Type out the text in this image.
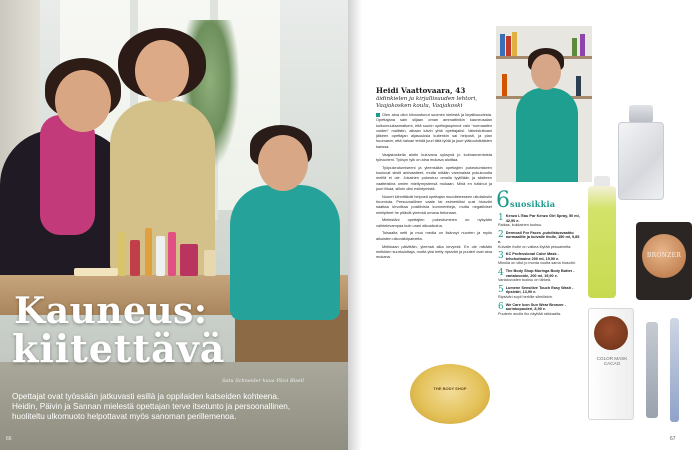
Kauneus:
kiitettävä
Satu Schneider kuva Päivi Bisell
Opettajat ovat työssään jatkuvasti esillä ja oppilaiden katseiden kohteena.
Heidin, Päivin ja Sannan mielestä opettajan terve itsetunto ja persoonallinen,
huoliteltu ulkomuoto helpottavat myös sanoman perillemenoa.
66
Heidi Vaattovaara, 43
äidinkielen ja kirjallisuuden lehtori,
Vaajakosken koulu, Vaajakoski

Olen aina ollut kiinnostunut suomen kielestä ja kirjallisuudesta. Opettajana sain siljaan oman ammattinikin kauneusalan kulkumuuksamattomi, että suurin opettajaopinnot vain “normaalien voiden” mallistin, aikaan kävin yhtä opettajaksi. Valmistuttuani jäikeen opettajan aljasuuksia kuitenkin sai helposti, ja plan huomasin, että haluan tehdä juuri tätä työtä ja juuri yläkouluikäisten kanssa.

Vaajakoskella alotin kuluvana syksynä jo kolmannentoista työvuoteni. Työsyn tyik on aina mukava aloittaa.

Työpukeutumiseeni ja yleensäkin opettajien pukeutumiseen kuuluvat siistit arkivaatteet, mutta mitään varsinaista pukukoodia meillä ei ole. Jokainen pukeutuu omalla tyylillään ja siistteen vaatteisiina omien mieltymystensä mukaan. Minä en tutkinut ja juuri liikaa, silloin olisi esiintymistä.

Nuoret kiinnittävät helposti opettajan muodisteeseen ulkoisiksiin huomiota. Persoonallinen vaate tai esimerkiksi uusi hiusväri saattaa kirvoittaa positiivisia kommentteja, mutta negatiiviset mielipiteet he pitävät yleensä omana tietonaan.

Mielestäni opettajien pukeutuminen on nykyään vaihtelevampaa kuin urani alkuaikoina.

Toisaalta netti ja muu media on lisännyt nuorten ja myös aikuisten ulkonäköpaineita.

Meikkaan päivittäin, yleensä aika kevyesti. En ole mikään meikkien suurkuluttaja, mutta yksi tietty ripsiväri ja puuteri ovat aina mukana.

6 suosikkia
1 Kenzo L'Eau Par Kenzo Girl Spray, 50 ml, 42,90 e.
Raikas, kukkainen tuoksu.
2 Dermosil For Faces -puhdistusvaahto normaalille ja kuivalle iholle, 150 ml, 9,85 e.
Kuivalle iholle on vaikea löytää pesuainetta.
3 KC Professional Color Mask -tehohoitoaine 200 ml, 19,50 e.
Minulla on ollut jo monta vuotta sama hiusväri.
4 The Body Shop Moringa Body Butter -vartalovoide, 200 ml, 19,90 e.
Vartalovoiden tuoksu on tärkeä.
5 Lumene Sensitive Touch Easy Wash -ripsiväri, 13,90 e.
Ripsiväri sopii herkille silmillekin.
6 We Care Icon Sun Wear Bronzer -aurinkopuuteri, 8,90 e.
Puuterin avulla iho näyttää raikkaalta.
BRONZER
COLOR MASK CACAO
THE BODY SHOP
67
